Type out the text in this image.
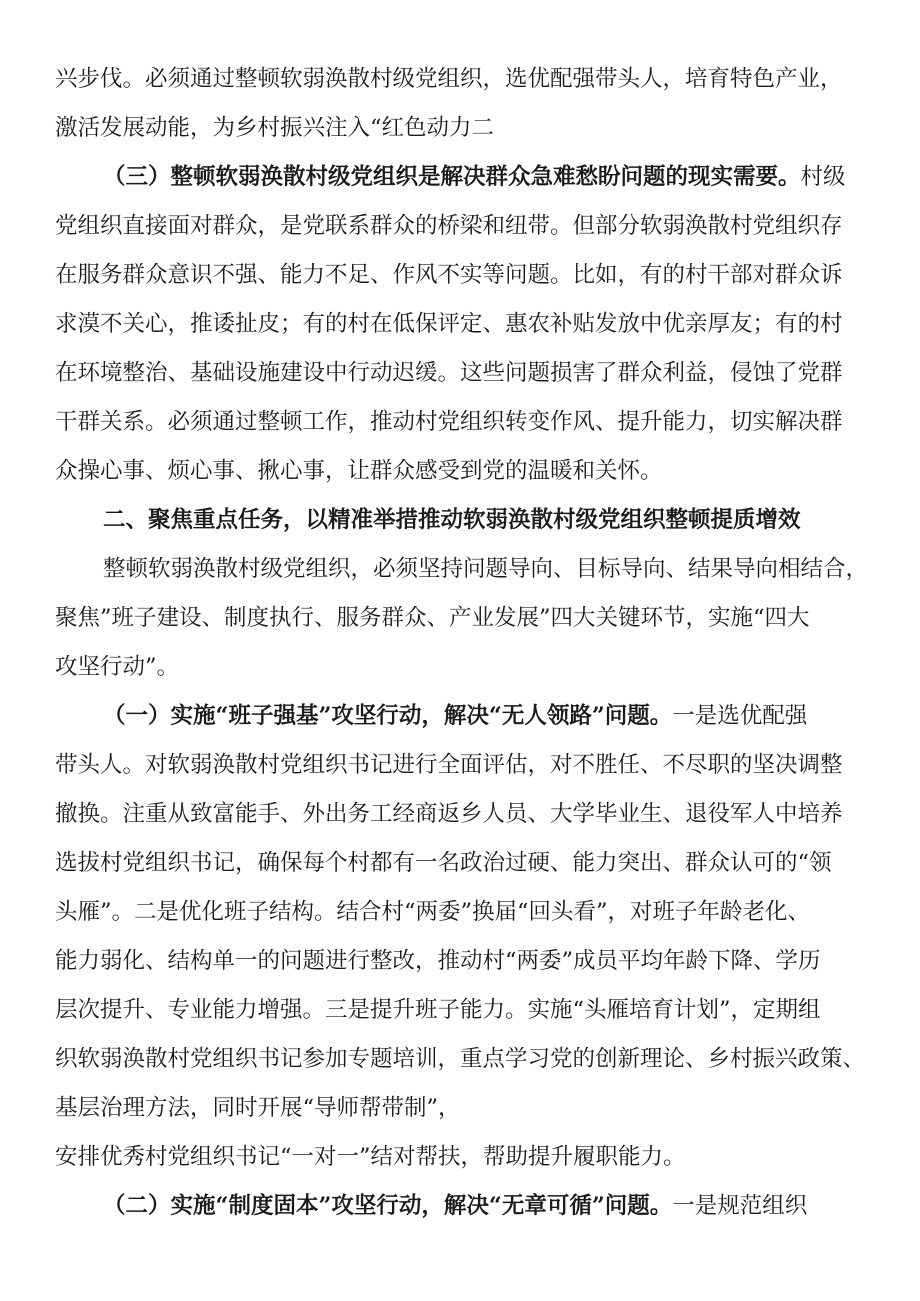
兴步伐。必须通过整顿软弱涣散村级党组织，选优配强带头人，培育特色产业，

激活发展动能，为乡村振兴注入“红色动力二

（三）整顿软弱涣散村级党组织是解决群众急难愁盼问题的现实需要。村级

党组织直接面对群众，是党联系群众的桥梁和纽带。但部分软弱涣散村党组织存

在服务群众意识不强、能力不足、作风不实等问题。比如，有的村干部对群众诉

求漠不关心，推诿扯皮；有的村在低保评定、惠农补贴发放中优亲厚友；有的村

在环境整治、基础设施建设中行动迟缓。这些问题损害了群众利益，侵蚀了党群

干群关系。必须通过整顿工作，推动村党组织转变作风、提升能力，切实解决群

众操心事、烦心事、揪心事，让群众感受到党的温暖和关怀。

二、聚焦重点任务，以精准举措推动软弱涣散村级党组织整顿提质增效

整顿软弱涣散村级党组织，必须坚持问题导向、目标导向、结果导向相结合，

聚焦”班子建设、制度执行、服务群众、产业发展”四大关键环节，实施“四大

攻坚行动”。

（一）实施“班子强基”攻坚行动，解决“无人领路”问题。一是选优配强

带头人。对软弱涣散村党组织书记进行全面评估，对不胜任、不尽职的坚决调整

撤换。注重从致富能手、外出务工经商返乡人员、大学毕业生、退役军人中培养

选拔村党组织书记，确保每个村都有一名政治过硬、能力突出、群众认可的“领

头雁”。二是优化班子结构。结合村“两委”换届“回头看”，对班子年龄老化、

能力弱化、结构单一的问题进行整改，推动村“两委”成员平均年龄下降、学历

层次提升、专业能力增强。三是提升班子能力。实施“头雁培育计划”，定期组

织软弱涣散村党组织书记参加专题培训，重点学习党的创新理论、乡村振兴政策、

基层治理方法，同时开展“导师帮带制”，

安排优秀村党组织书记“一对一”结对帮扶，帮助提升履职能力。

（二）实施“制度固本”攻坚行动，解决“无章可循”问题。一是规范组织
